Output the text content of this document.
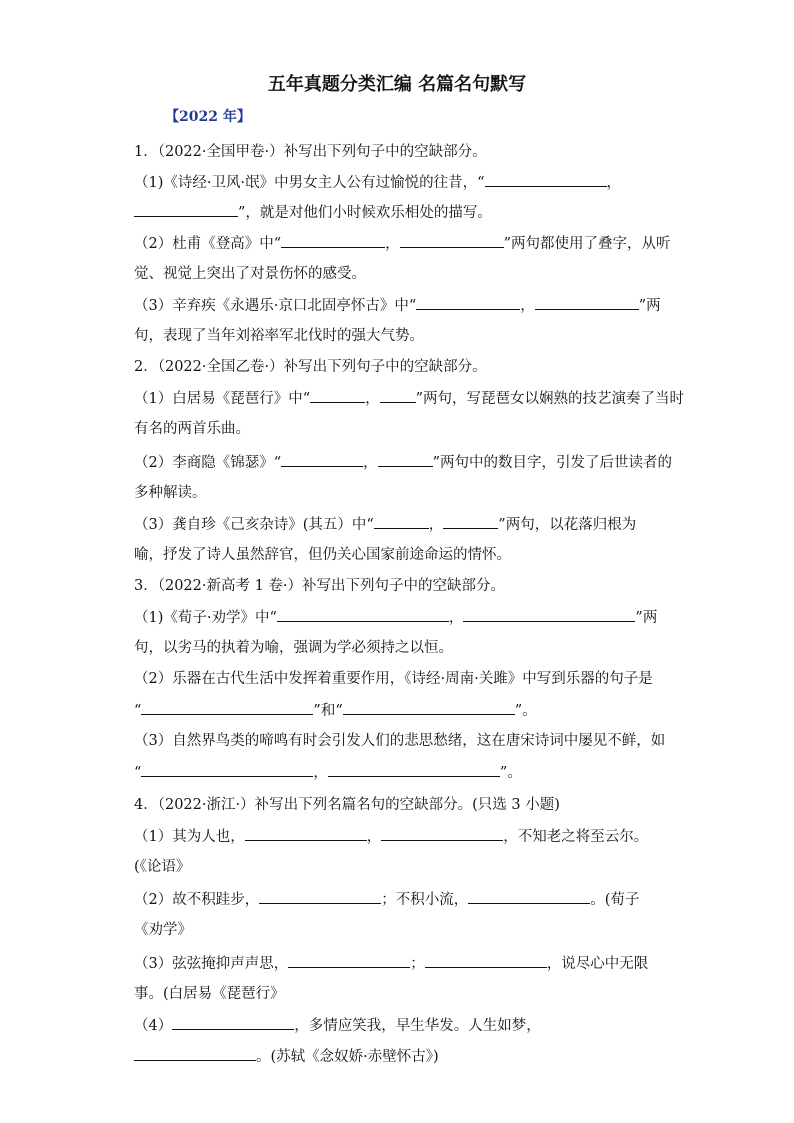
五年真题分类汇编 名篇名句默写
【2022 年】
1．（2022·全国甲卷·）补写出下列句子中的空缺部分。
（1)《诗经·卫风·氓》中男女主人公有过愉悦的往昔，“	，
”，就是对他们小时候欢乐相处的描写。
（2）杜甫《登高》中“	，	”两句都使用了叠字，从听
觉、视觉上突出了对景伤怀的感受。
（3）辛弃疾《永遇乐·京口北固亭怀古》中“	，	”两
句，表现了当年刘裕率军北伐时的强大气势。
2．（2022·全国乙卷·）补写出下列句子中的空缺部分。
（1）白居易《琵琶行》中“	， ”两句，写琵琶女以娴熟的技艺演奏了当时
有名的两首乐曲。
（2）李商隐《锦瑟》“	，	”两句中的数目字，引发了后世读者的
多种解读。
（3）龚自珍《己亥杂诗》(其五）中“	，	”两句，以花落归根为
喻，抒发了诗人虽然辞官，但仍关心国家前途命运的情怀。
3．（2022·新高考 1 卷·）补写出下列句子中的空缺部分。
（1)《荀子·劝学》中“	，	”两
句，以劣马的执着为喻，强调为学必须持之以恒。
（2）乐器在古代生活中发挥着重要作用，《诗经·周南·关雎》中写到乐器的句子是
“	”和“	”。
（3）自然界鸟类的啼鸣有时会引发人们的悲思愁绪，这在唐宋诗词中屡见不鲜，如
“	，	”。
4．（2022·浙江·）补写出下列名篇名句的空缺部分。(只选 3 小题)
（1）其为人也，	，	，不知老之将至云尔。
(《论语》
（2）故不积跬步，	；不积小流，	。(荀子
《劝学》
（3）弦弦掩抑声声思，	；	，说尽心中无限
事。(白居易《琵琶行》
（4）	，多情应笑我，早生华发。人生如梦，
。(苏轼《念奴娇·赤壁怀古》)
